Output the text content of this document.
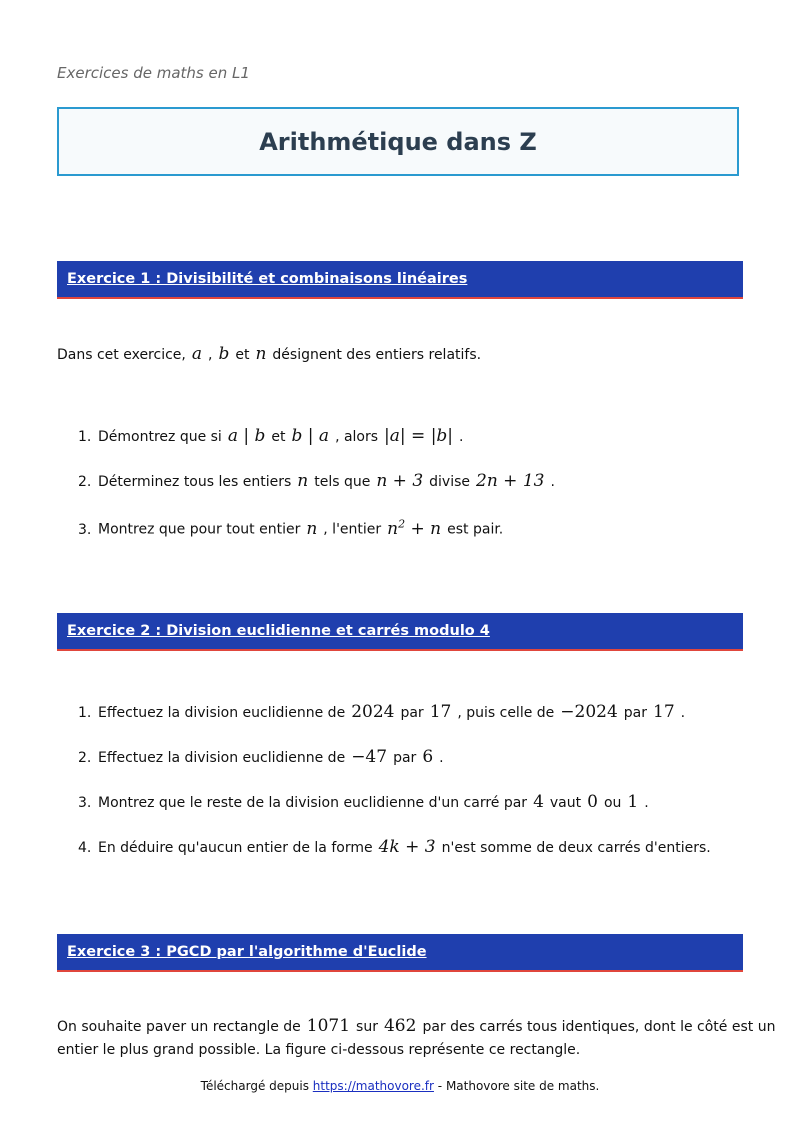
Exercices de maths en L1
Arithmétique dans Z
Exercice 1 : Divisibilité et combinaisons linéaires
Dans cet exercice, a , b et n désignent des entiers relatifs.
1. Démontrez que si a | b et b | a , alors |a| = |b| .
2. Déterminez tous les entiers n tels que n + 3 divise 2n + 13 .
3. Montrez que pour tout entier n , l'entier $n^2 + n$ est pair.
Exercice 2 : Division euclidienne et carrés modulo 4
1. Effectuez la division euclidienne de 2024 par 17 , puis celle de −2024 par 17 .
2. Effectuez la division euclidienne de −47 par 6 .
3. Montrez que le reste de la division euclidienne d'un carré par 4 vaut 0 ou 1 .
4. En déduire qu'aucun entier de la forme 4k + 3 n'est somme de deux carrés d'entiers.
Exercice 3 : PGCD par l'algorithme d'Euclide
On souhaite paver un rectangle de 1071 sur 462 par des carrés tous identiques, dont le côté est un
entier le plus grand possible. La figure ci-dessous représente ce rectangle.
Téléchargé depuis https://mathovore.fr - Mathovore site de maths.
